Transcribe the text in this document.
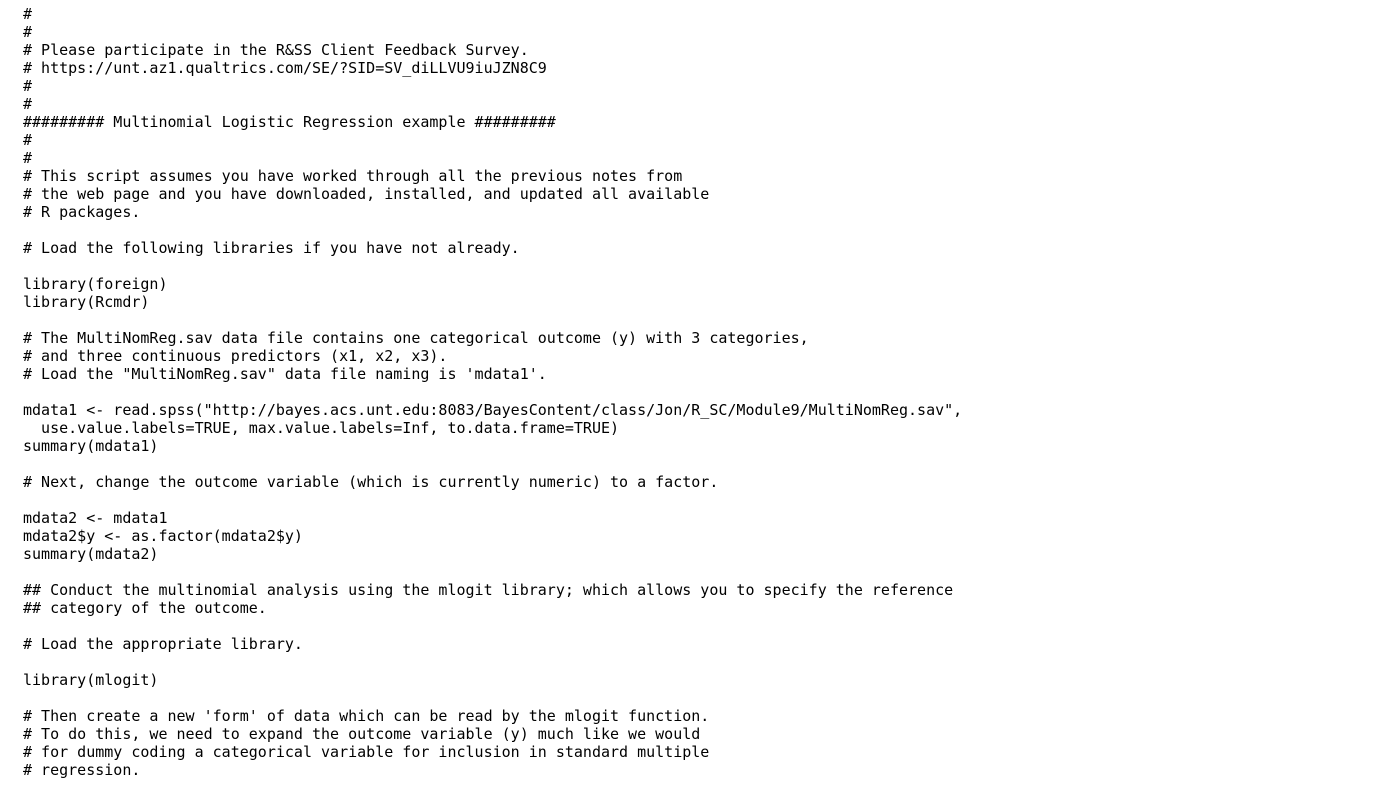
#
#
# Please participate in the R&SS Client Feedback Survey.
# https://unt.az1.qualtrics.com/SE/?SID=SV_diLLVU9iuJZN8C9
#
#
######### Multinomial Logistic Regression example #########
#
#
# This script assumes you have worked through all the previous notes from
# the web page and you have downloaded, installed, and updated all available
# R packages.
# Load the following libraries if you have not already.
library(foreign)
library(Rcmdr)
# The MultiNomReg.sav data file contains one categorical outcome (y) with 3 categories,
# and three continuous predictors (x1, x2, x3).
# Load the "MultiNomReg.sav" data file naming is 'mdata1'.
mdata1 <- read.spss("http://bayes.acs.unt.edu:8083/BayesContent/class/Jon/R_SC/Module9/MultiNomReg.sav",
use.value.labels=TRUE, max.value.labels=Inf, to.data.frame=TRUE)
summary(mdata1)
# Next, change the outcome variable (which is currently numeric) to a factor.
mdata2 <- mdata1
mdata2$y <- as.factor(mdata2$y)
summary(mdata2)
## Conduct the multinomial analysis using the mlogit library; which allows you to specify the reference
## category of the outcome.
# Load the appropriate library.
library(mlogit)
# Then create a new 'form' of data which can be read by the mlogit function.
# To do this, we need to expand the outcome variable (y) much like we would
# for dummy coding a categorical variable for inclusion in standard multiple
# regression.
